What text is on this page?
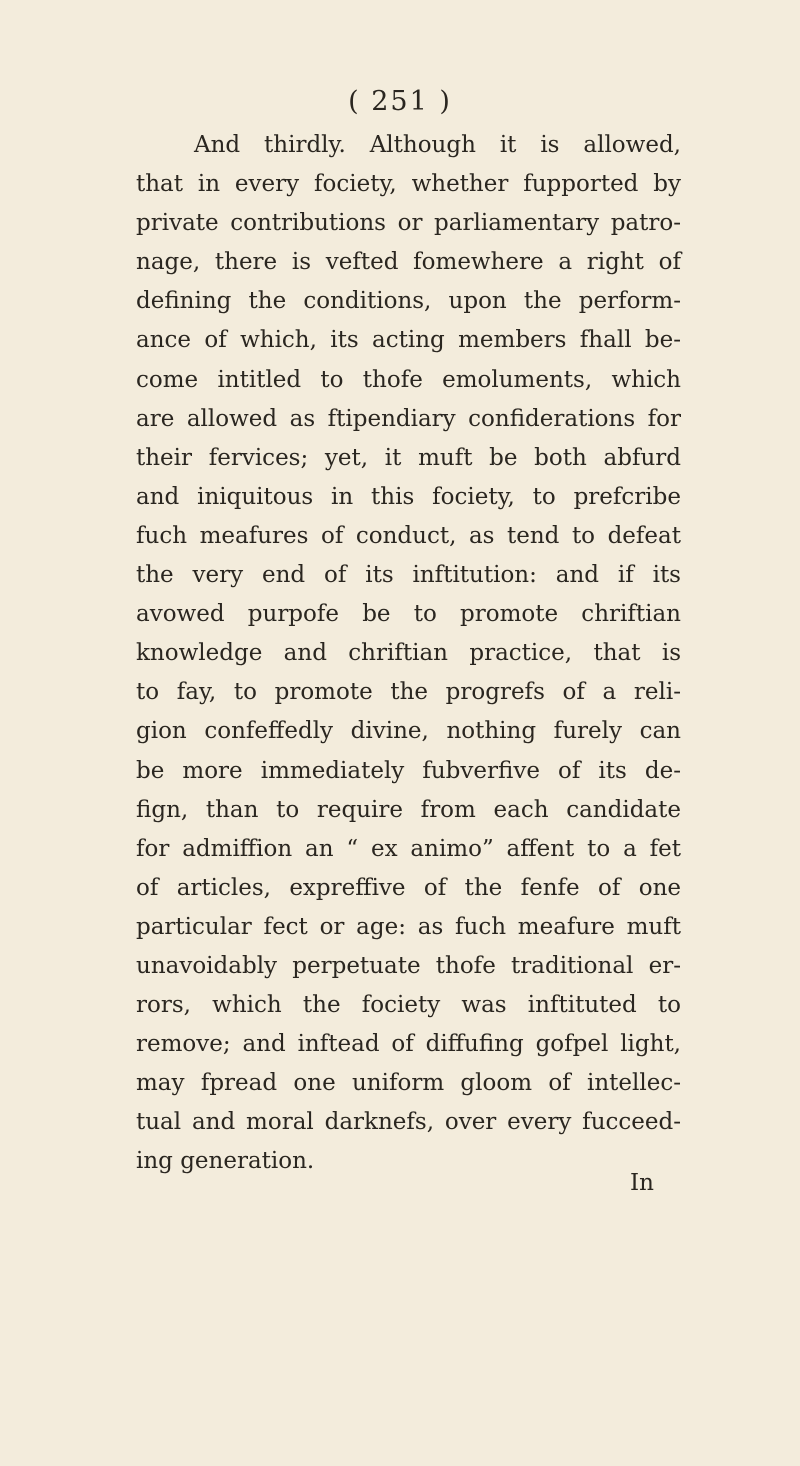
( 251 )

And thirdly. Although it is allowed,
that in every fociety, whether fupported by
private contributions or parliamentary patro-
nage, there is vefted fomewhere a right of
defining the conditions, upon the perform-
ance of which, its acting members fhall be-
come intitled to thofe emoluments, which
are allowed as ftipendiary confiderations for
their fervices; yet, it muft be both abfurd
and iniquitous in this fociety, to prefcribe
fuch meafures of conduct, as tend to defeat
the very end of its inftitution: and if its
avowed purpofe be to promote chriftian
knowledge and chriftian practice, that is
to fay, to promote the progrefs of a reli-
gion confeffedly divine, nothing furely can
be more immediately fubverfive of its de-
fign, than to require from each candidate
for admiffion an “ ex animo” affent to a fet
of articles, expreffive of the fenfe of one
particular fect or age: as fuch meafure muft
unavoidably perpetuate thofe traditional er-
rors, which the fociety was inftituted to
remove; and inftead of diffufing gofpel light,
may fpread one uniform gloom of intellec-
tual and moral darknefs, over every fucceed-
ing generation.

In
